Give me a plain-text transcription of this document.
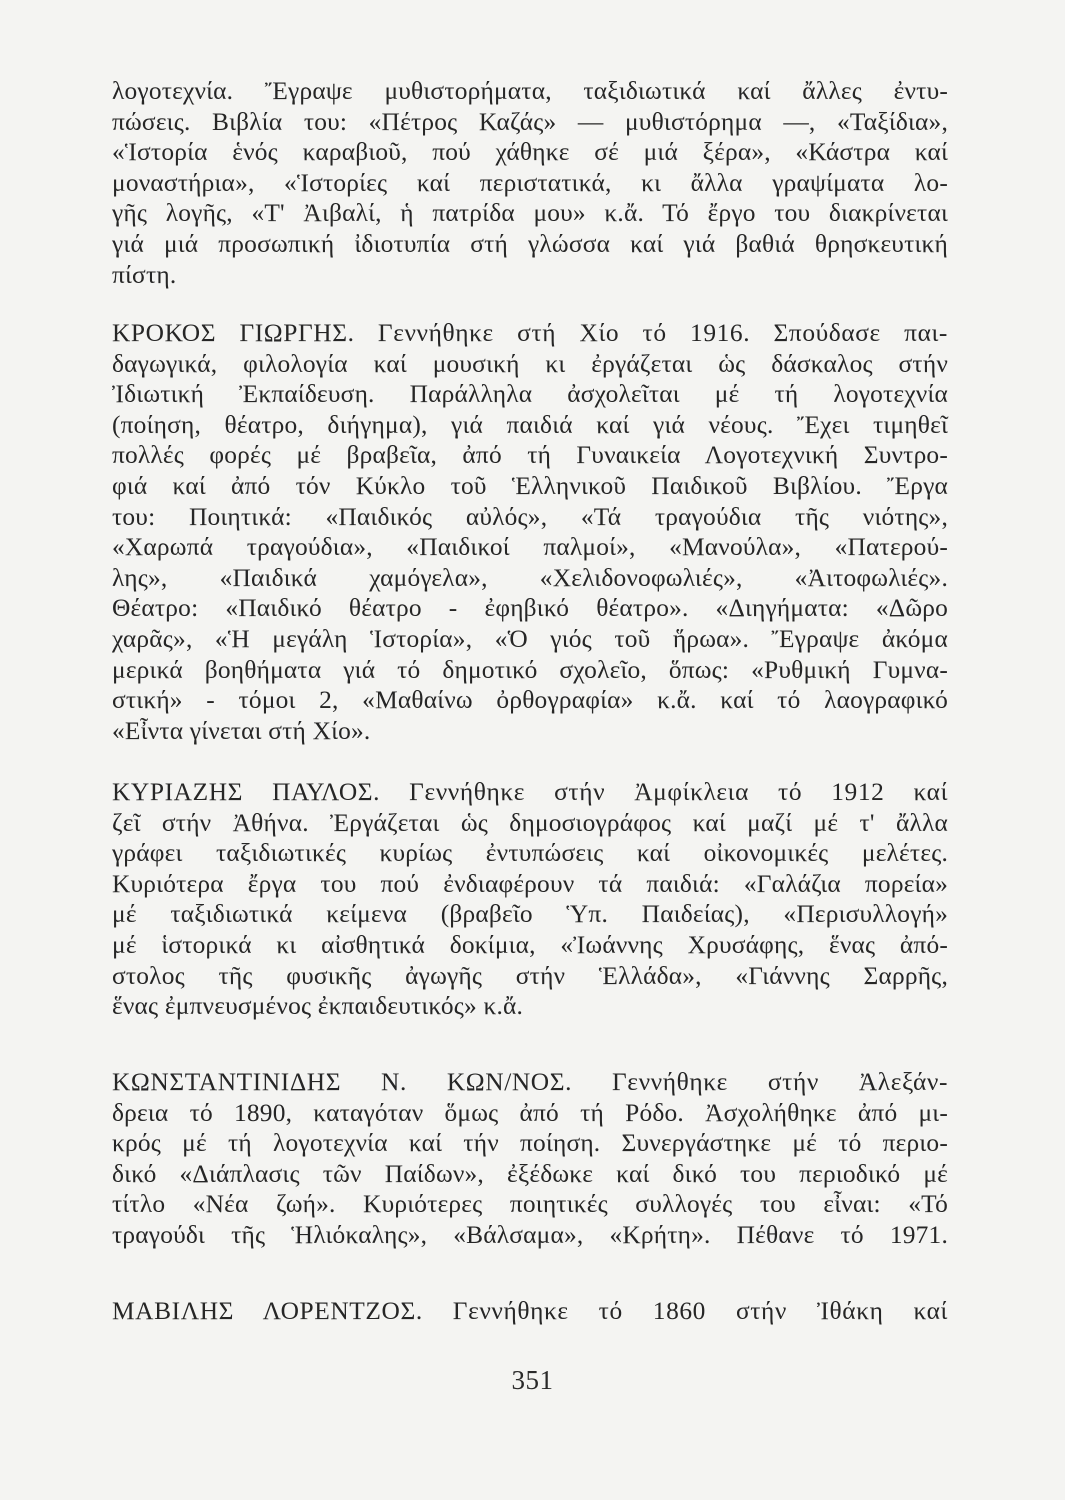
λογοτεχνία. Ἔγραψε μυθιστορήματα, ταξιδιωτικά καί ἄλλες ἐντυ-
πώσεις. Βιβλία του: «Πέτρος Καζάς» — μυθιστόρημα —, «Ταξίδια»,
«Ἱστορία ἑνός καραβιοῦ, πού χάθηκε σέ μιά ξέρα», «Κάστρα καί
μοναστήρια», «Ἱστορίες καί περιστατικά, κι ἄλλα γραψίματα λο-
γῆς λογῆς, «Τ' Ἀιβαλί, ἡ πατρίδα μου» κ.ἄ. Τό ἔργο του διακρίνεται
γιά μιά προσωπική ἰδιοτυπία στή γλώσσα καί γιά βαθιά θρησκευτική
πίστη.
ΚΡΟΚΟΣ ΓΙΩΡΓΗΣ. Γεννήθηκε στή Χίο τό 1916. Σπούδασε παι-
δαγωγικά, φιλολογία καί μουσική κι ἐργάζεται ὡς δάσκαλος στήν
Ἰδιωτική Ἐκπαίδευση. Παράλληλα ἀσχολεῖται μέ τή λογοτεχνία
(ποίηση, θέατρο, διήγημα), γιά παιδιά καί γιά νέους. Ἔχει τιμηθεῖ
πολλές φορές μέ βραβεῖα, ἀπό τή Γυναικεία Λογοτεχνική Συντρο-
φιά καί ἀπό τόν Κύκλο τοῦ Ἑλληνικοῦ Παιδικοῦ Βιβλίου. Ἔργα
του: Ποιητικά: «Παιδικός αὐλός», «Τά τραγούδια τῆς νιότης»,
«Χαρωπά τραγούδια», «Παιδικοί παλμοί», «Μανούλα», «Πατερού-
λης», «Παιδικά χαμόγελα», «Χελιδονοφωλιές», «Ἀιτοφωλιές».
Θέατρο: «Παιδικό θέατρο - ἐφηβικό θέατρο». «Διηγήματα: «Δῶρο
χαρᾶς», «Ἡ μεγάλη Ἱστορία», «Ὁ γιός τοῦ ἥρωα». Ἔγραψε ἀκόμα
μερικά βοηθήματα γιά τό δημοτικό σχολεῖο, ὅπως: «Ρυθμική Γυμνα-
στική» - τόμοι 2, «Μαθαίνω ὀρθογραφία» κ.ἄ. καί τό λαογραφικό
«Εἶντα γίνεται στή Χίο».
ΚΥΡΙΑΖΗΣ ΠΑΥΛΟΣ. Γεννήθηκε στήν Ἀμφίκλεια τό 1912 καί
ζεῖ στήν Ἀθήνα. Ἐργάζεται ὡς δημοσιογράφος καί μαζί μέ τ' ἄλλα
γράφει ταξιδιωτικές κυρίως ἐντυπώσεις καί οἰκονομικές μελέτες.
Κυριότερα ἔργα του πού ἐνδιαφέρουν τά παιδιά: «Γαλάζια πορεία»
μέ ταξιδιωτικά κείμενα (βραβεῖο Ὑπ. Παιδείας), «Περισυλλογή»
μέ ἱστορικά κι αἰσθητικά δοκίμια, «Ἰωάννης Χρυσάφης, ἕνας ἀπό-
στολος τῆς φυσικῆς ἀγωγῆς στήν Ἑλλάδα», «Γιάννης Σαρρῆς,
ἕνας ἐμπνευσμένος ἐκπαιδευτικός» κ.ἄ.
ΚΩΝΣΤΑΝΤΙΝΙΔΗΣ Ν. ΚΩΝ/ΝΟΣ. Γεννήθηκε στήν Ἀλεξάν-
δρεια τό 1890, καταγόταν ὅμως ἀπό τή Ρόδο. Ἀσχολήθηκε ἀπό μι-
κρός μέ τή λογοτεχνία καί τήν ποίηση. Συνεργάστηκε μέ τό περιο-
δικό «Διάπλασις τῶν Παίδων», ἐξέδωκε καί δικό του περιοδικό μέ
τίτλο «Νέα ζωή». Κυριότερες ποιητικές συλλογές του εἶναι: «Τό
τραγούδι τῆς Ἡλιόκαλης», «Βάλσαμα», «Κρήτη». Πέθανε τό 1971.
ΜΑΒΙΛΗΣ ΛΟΡΕΝΤΖΟΣ. Γεννήθηκε τό 1860 στήν Ἰθάκη καί
351
